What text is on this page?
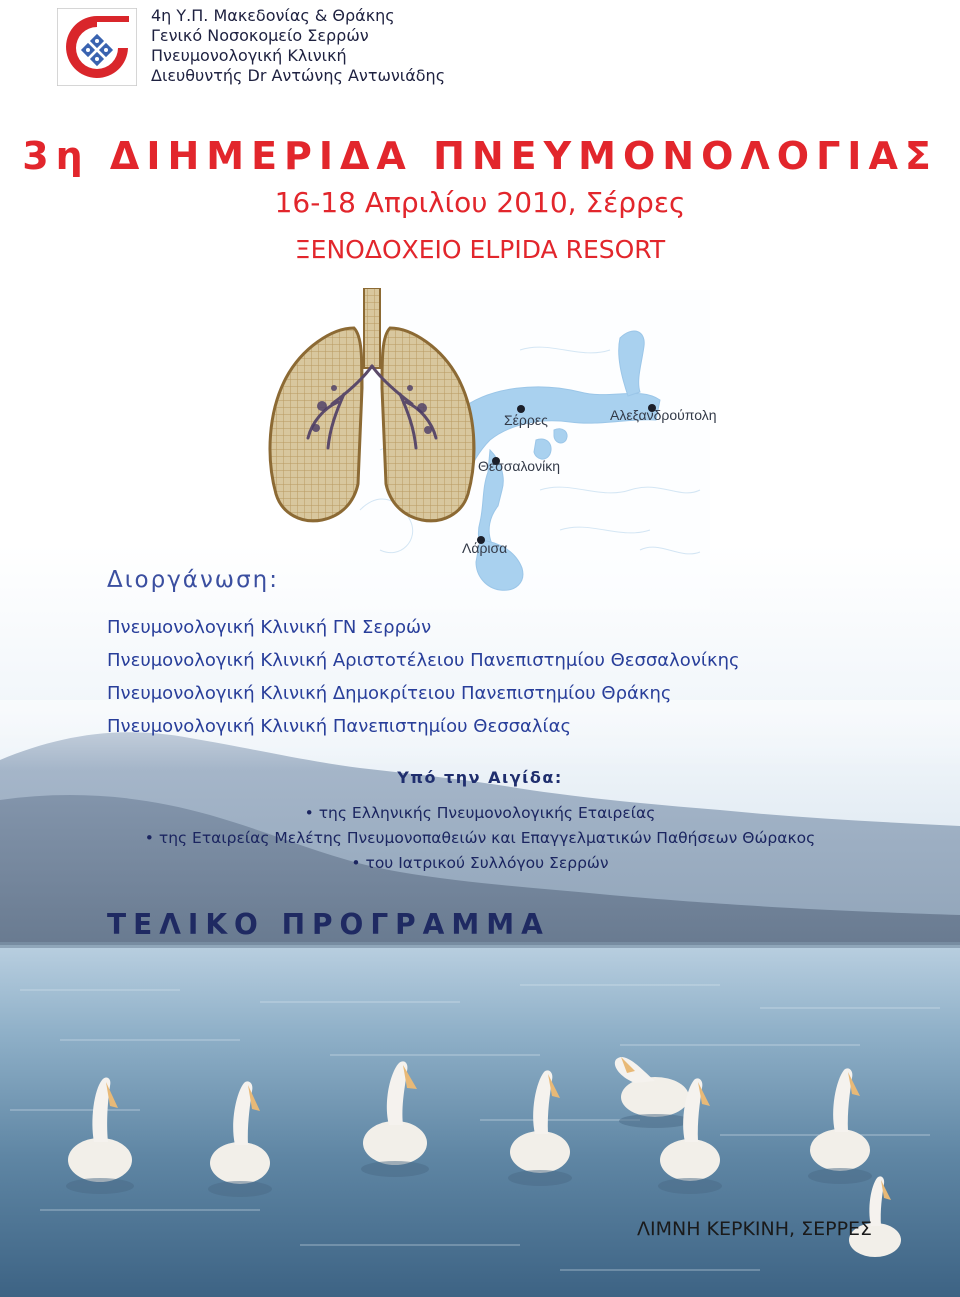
4η Υ.Π. Μακεδονίας & Θράκης
Γενικό Νοσοκομείο Σερρών
Πνευμονολογική Κλινική
Διευθυντής Dr Αντώνης Αντωνιάδης
3η ΔΙΗΜΕΡΙΔΑ ΠΝΕΥΜΟΝΟΛΟΓΙΑΣ
16-18 Απριλίου 2010, Σέρρες
ΞΕΝΟΔΟΧΕΙΟ ELPIDA RESORT
Σέρρες	Αλεξανδρούπολη
Θεσσαλονίκη
Λάρισα
Διοργάνωση:
Πνευμονολογική Κλινική ΓΝ Σερρών
Πνευμονολογική Κλινική Αριστοτέλειου Πανεπιστημίου Θεσσαλονίκης
Πνευμονολογική Κλινική Δημοκρίτειου Πανεπιστημίου Θράκης
Πνευμονολογική Κλινική Πανεπιστημίου Θεσσαλίας
Υπό την Αιγίδα:
• της Ελληνικής Πνευμονολογικής Εταιρείας
• της Εταιρείας Μελέτης Πνευμονοπαθειών και Επαγγελματικών Παθήσεων Θώρακος
• του Ιατρικού Συλλόγου Σερρών
ΤΕΛΙΚΟ ΠΡΟΓΡΑΜΜΑ
ΛΙΜΝΗ ΚΕΡΚΙΝΗ, ΣΕΡΡΕΣ
